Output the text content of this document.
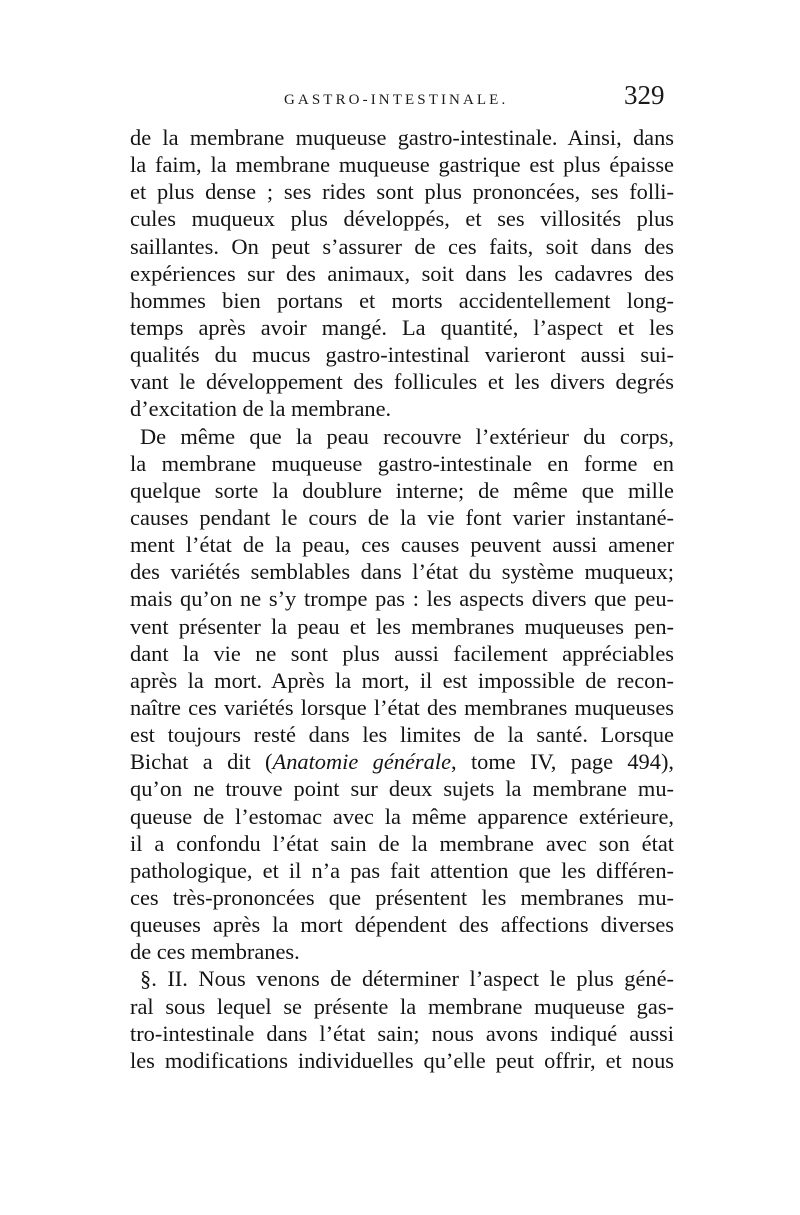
GASTRO-INTESTINALE.	329
de la membrane muqueuse gastro-intestinale. Ainsi, dans
la faim, la membrane muqueuse gastrique est plus épaisse
et plus dense ; ses rides sont plus prononcées, ses folli-
cules muqueux plus développés, et ses villosités plus
saillantes. On peut s’assurer de ces faits, soit dans des
expériences sur des animaux, soit dans les cadavres des
hommes bien portans et morts accidentellement long-
temps après avoir mangé. La quantité, l’aspect et les
qualités du mucus gastro-intestinal varieront aussi sui-
vant le développement des follicules et les divers degrés
d’excitation de la membrane.
De même que la peau recouvre l’extérieur du corps,
la membrane muqueuse gastro-intestinale en forme en
quelque sorte la doublure interne; de même que mille
causes pendant le cours de la vie font varier instantané-
ment l’état de la peau, ces causes peuvent aussi amener
des variétés semblables dans l’état du système muqueux;
mais qu’on ne s’y trompe pas : les aspects divers que peu-
vent présenter la peau et les membranes muqueuses pen-
dant la vie ne sont plus aussi facilement appréciables
après la mort. Après la mort, il est impossible de recon-
naître ces variétés lorsque l’état des membranes muqueuses
est toujours resté dans les limites de la santé. Lorsque
Bichat a dit (Anatomie générale, tome IV, page 494),
qu’on ne trouve point sur deux sujets la membrane mu-
queuse de l’estomac avec la même apparence extérieure,
il a confondu l’état sain de la membrane avec son état
pathologique, et il n’a pas fait attention que les différen-
ces très-prononcées que présentent les membranes mu-
queuses après la mort dépendent des affections diverses
de ces membranes.
§. II. Nous venons de déterminer l’aspect le plus géné-
ral sous lequel se présente la membrane muqueuse gas-
tro-intestinale dans l’état sain; nous avons indiqué aussi
les modifications individuelles qu’elle peut offrir, et nous
